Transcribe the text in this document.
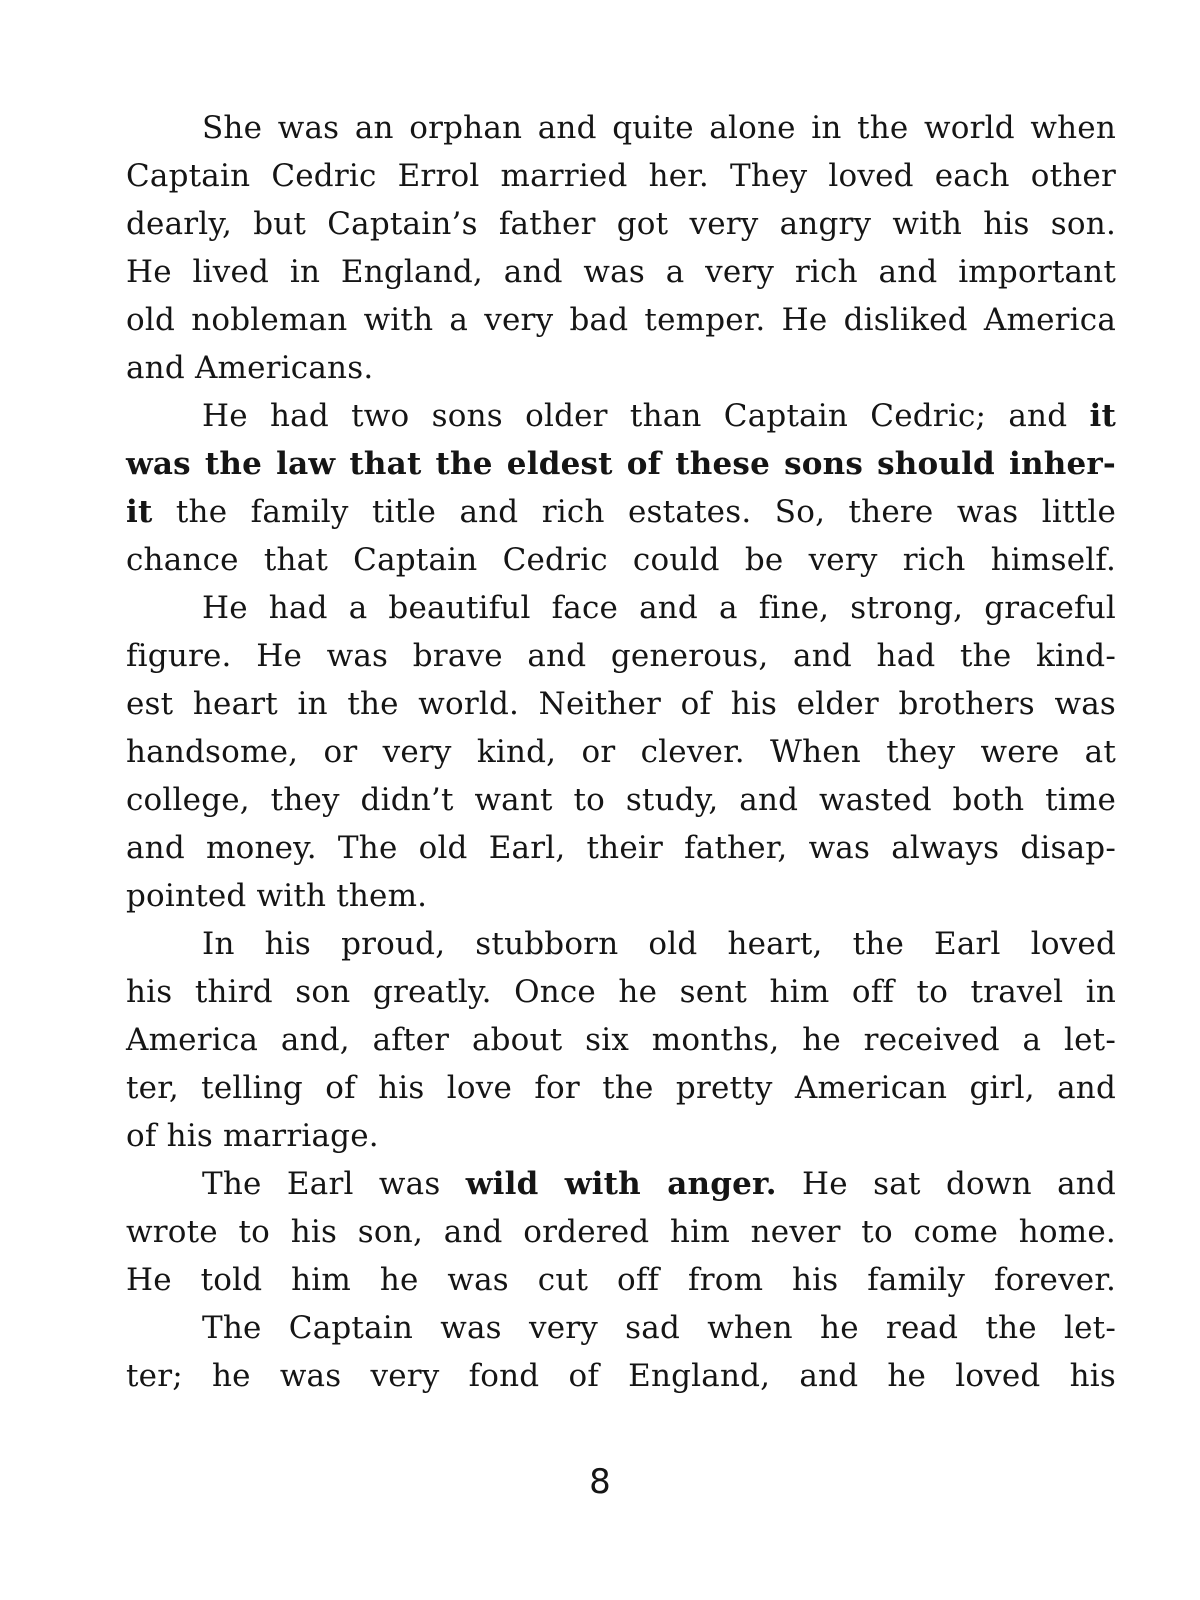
She was an orphan and quite alone in the world when
Captain Cedric Errol married her. They loved each other
dearly, but Captain’s father got very angry with his son.
He lived in England, and was a very rich and important
old nobleman with a very bad temper. He disliked America
and Americans.
He had two sons older than Captain Cedric; and it
was the law that the eldest of these sons should inher-
it the family title and rich estates. So, there was little
chance that Captain Cedric could be very rich himself.
He had a beautiful face and a fine, strong, graceful
figure. He was brave and generous, and had the kind-
est heart in the world. Neither of his elder brothers was
handsome, or very kind, or clever. When they were at
college, they didn’t want to study, and wasted both time
and money. The old Earl, their father, was always disap-
pointed with them.
In his proud, stubborn old heart, the Earl loved
his third son greatly. Once he sent him off to travel in
America and, after about six months, he received a let-
ter, telling of his love for the pretty American girl, and
of his marriage.
The Earl was wild with anger. He sat down and
wrote to his son, and ordered him never to come home.
He told him he was cut off from his family forever.
The Captain was very sad when he read the let-
ter; he was very fond of England, and he loved his
8
